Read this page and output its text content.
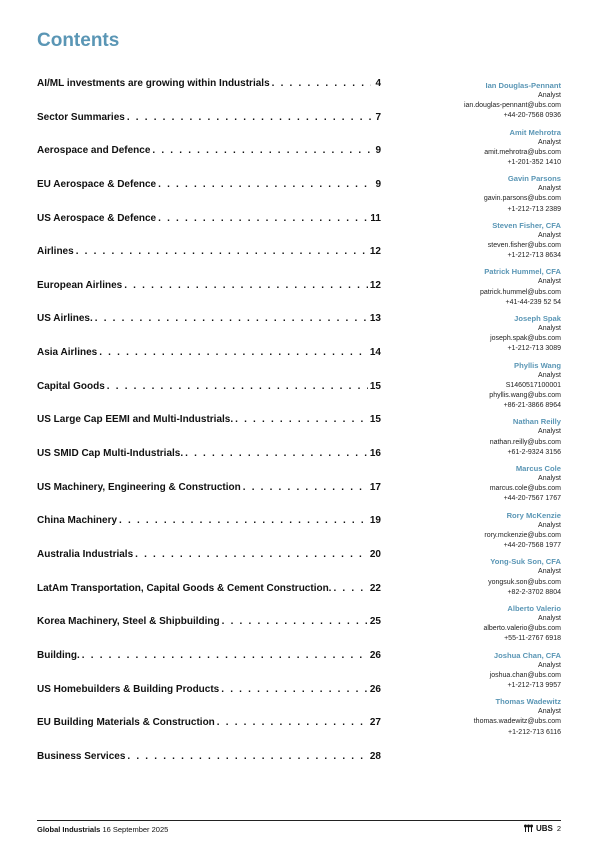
Contents
AI/ML investments are growing within Industrials . . .	4
Sector Summaries . . .	7
Aerospace and Defence . . .	9
EU Aerospace & Defence . . .	9
US Aerospace & Defence . . .	11
Airlines . . .	12
European Airlines . . .	12
US Airlines. . . .	13
Asia Airlines . . .	14
Capital Goods . . .	15
US Large Cap EEMI and Multi-Industrials. . . .	15
US SMID Cap Multi-Industrials. . . .	16
US Machinery, Engineering & Construction . . .	17
China Machinery . . .	19
Australia Industrials . . .	20
LatAm Transportation, Capital Goods & Cement Construction. . . .	22
Korea Machinery, Steel & Shipbuilding . . .	25
Building. . . .	26
US Homebuilders & Building Products . . .	26
EU Building Materials & Construction . . .	27
Business Services . . .	28
Ian Douglas-Pennant
Analyst
ian.douglas-pennant@ubs.com
+44-20-7568 0936
Amit Mehrotra
Analyst
amit.mehrotra@ubs.com
+1-201-352 1410
Gavin Parsons
Analyst
gavin.parsons@ubs.com
+1-212-713 2389
Steven Fisher, CFA
Analyst
steven.fisher@ubs.com
+1-212-713 8634
Patrick Hummel, CFA
Analyst
patrick.hummel@ubs.com
+41-44-239 52 54
Joseph Spak
Analyst
joseph.spak@ubs.com
+1-212-713 3089
Phyllis Wang
Analyst
S1460517100001
phyllis.wang@ubs.com
+86-21-3866 8964
Nathan Reilly
Analyst
nathan.reilly@ubs.com
+61-2-9324 3156
Marcus Cole
Analyst
marcus.cole@ubs.com
+44-20-7567 1767
Rory McKenzie
Analyst
rory.mckenzie@ubs.com
+44-20-7568 1977
Yong-Suk Son, CFA
Analyst
yongsuk.son@ubs.com
+82-2-3702 8804
Alberto Valerio
Analyst
alberto.valerio@ubs.com
+55-11-2767 6918
Joshua Chan, CFA
Analyst
joshua.chan@ubs.com
+1-212-713 9957
Thomas Wadewitz
Analyst
thomas.wadewitz@ubs.com
+1-212-713 6116
Global Industrials 16 September 2025	UBS 2
